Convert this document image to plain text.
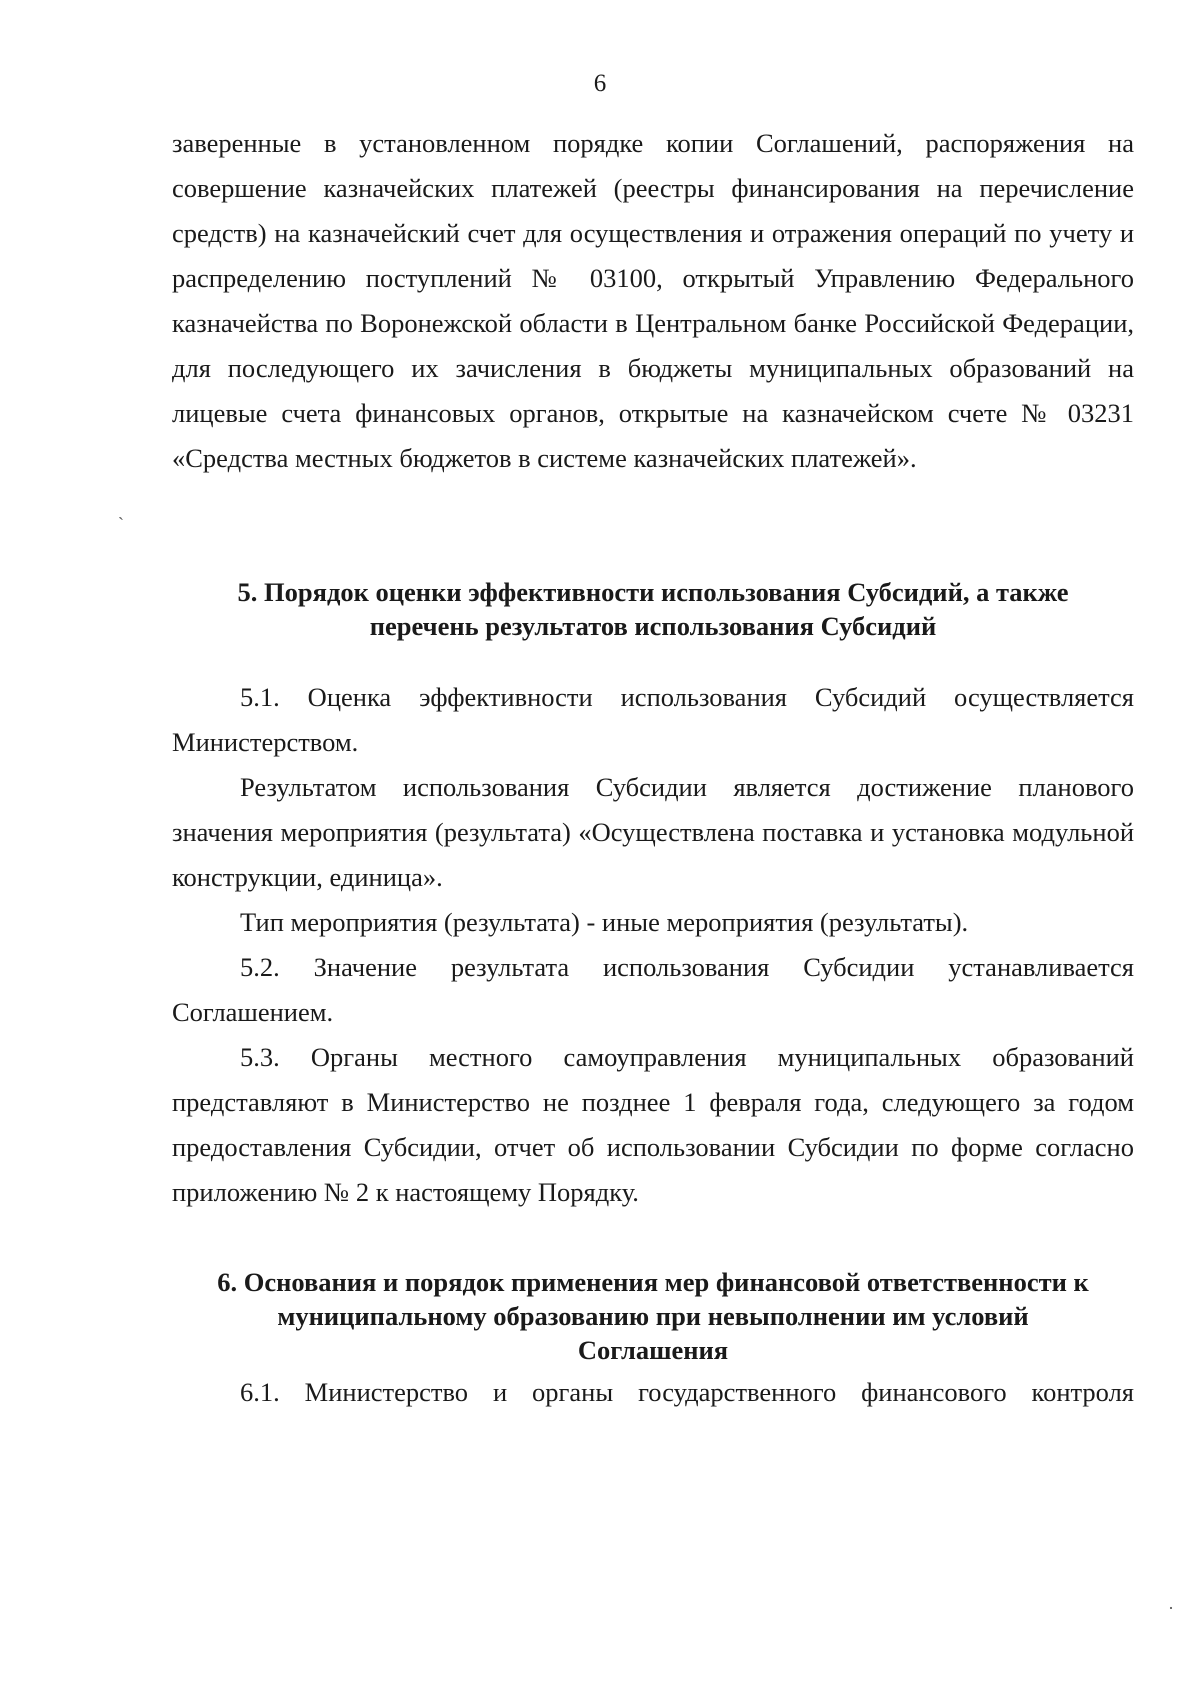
6

заверенные в установленном порядке копии Соглашений, распоряжения на совершение казначейских платежей (реестры финансирования на перечисление средств) на казначейский счет для осуществления и отражения операций по учету и распределению поступлений № 03100, открытый Управлению Федерального казначейства по Воронежской области в Центральном банке Российской Федерации, для последующего их зачисления в бюджеты муниципальных образований на лицевые счета финансовых органов, открытые на казначейском счете № 03231 «Средства местных бюджетов в системе казначейских платежей».

ˏ
5. Порядок оценки эффективности использования Субсидий, а также
перечень результатов использования Субсидий

5.1. Оценка эффективности использования Субсидий осуществляется Министерством.

Результатом использования Субсидии является достижение планового значения мероприятия (результата) «Осуществлена поставка и установка модульной конструкции, единица».

Тип мероприятия (результата) - иные мероприятия (результаты).

5.2. Значение результата использования Субсидии устанавливается Соглашением.

5.3. Органы местного самоуправления муниципальных образований представляют в Министерство не позднее 1 февраля года, следующего за годом предоставления Субсидии, отчет об использовании Субсидии по форме согласно приложению № 2 к настоящему Порядку.

6. Основания и порядок применения мер финансовой ответственности к
муниципальному образованию при невыполнении им условий
Соглашения

6.1. Министерство и органы государственного финансового контроля

·
